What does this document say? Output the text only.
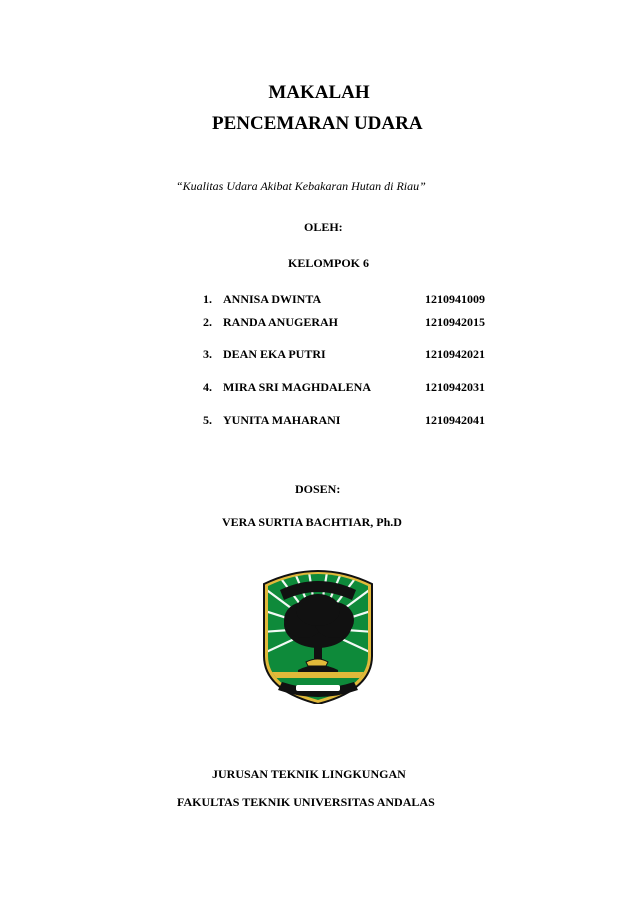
MAKALAH

PENCEMARAN UDARA

“Kualitas Udara Akibat Kebakaran Hutan di Riau”

OLEH:

KELOMPOK 6

1. ANNISA DWINTA	1210941009
2. RANDA ANUGERAH	1210942015
3. DEAN EKA PUTRI	1210942021
4. MIRA SRI MAGHDALENA	1210942031
5. YUNITA MAHARANI	1210942041

DOSEN:

VERA SURTIA BACHTIAR, Ph.D

JURUSAN TEKNIK LINGKUNGAN

FAKULTAS TEKNIK UNIVERSITAS ANDALAS
